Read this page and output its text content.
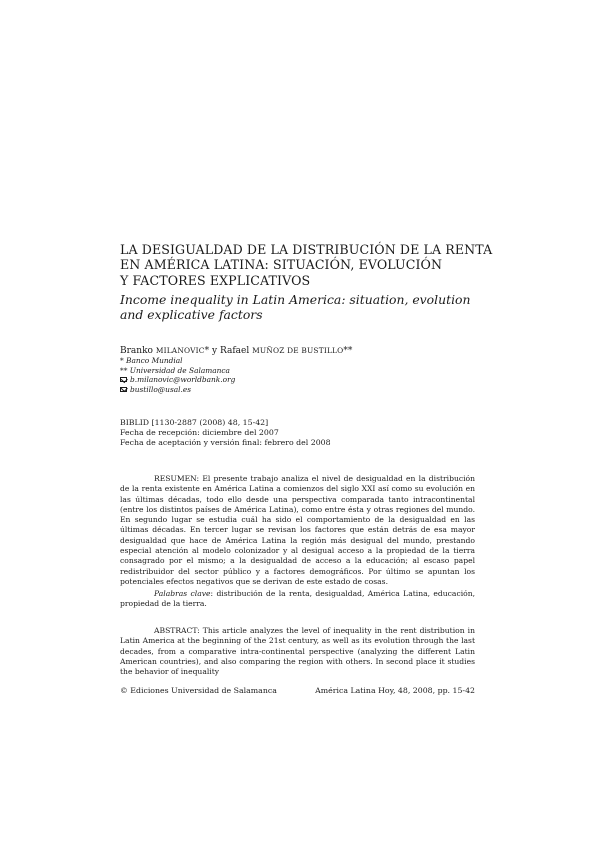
LA DESIGUALDAD DE LA DISTRIBUCIÓN DE LA RENTA
EN AMÉRICA LATINA: SITUACIÓN, EVOLUCIÓN
Y FACTORES EXPLICATIVOS
Income inequality in Latin America: situation, evolution
and explicative factors
Branko MILANOVIC* y Rafael MUÑOZ DE BUSTILLO**
* Banco Mundial
** Universidad de Salamanca
b.milanovic@worldbank.org
bustillo@usal.es
BIBLID [1130-2887 (2008) 48, 15-42]
Fecha de recepción: diciembre del 2007
Fecha de aceptación y versión final: febrero del 2008

RESUMEN: El presente trabajo analiza el nivel de desigualdad en la distribución de la renta existente en América Latina a comienzos del siglo XXI así como su evolución en las últimas décadas, todo ello desde una perspectiva comparada tanto intracontinental (entre los distintos países de América Latina), como entre ésta y otras regiones del mundo. En segundo lugar se estudia cuál ha sido el comportamiento de la desigualdad en las últimas décadas. En tercer lugar se revisan los factores que están detrás de esa mayor desigualdad que hace de América Latina la región más desigual del mundo, prestando especial atención al modelo colonizador y al desigual acceso a la propiedad de la tierra consagrado por el mismo; a la desigualdad de acceso a la educación; al escaso papel redistribuidor del sector público y a factores demográficos. Por último se apuntan los potenciales efectos negativos que se derivan de este estado de cosas.

Palabras clave: distribución de la renta, desigualdad, América Latina, educación, propiedad de la tierra.

ABSTRACT: This article analyzes the level of inequality in the rent distribution in Latin America at the beginning of the 21st century, as well as its evolution through the last decades, from a comparative intra-continental perspective (analyzing the different Latin American countries), and also comparing the region with others. In second place it studies the behavior of inequality

© Ediciones Universidad de Salamanca	América Latina Hoy, 48, 2008, pp. 15-42
